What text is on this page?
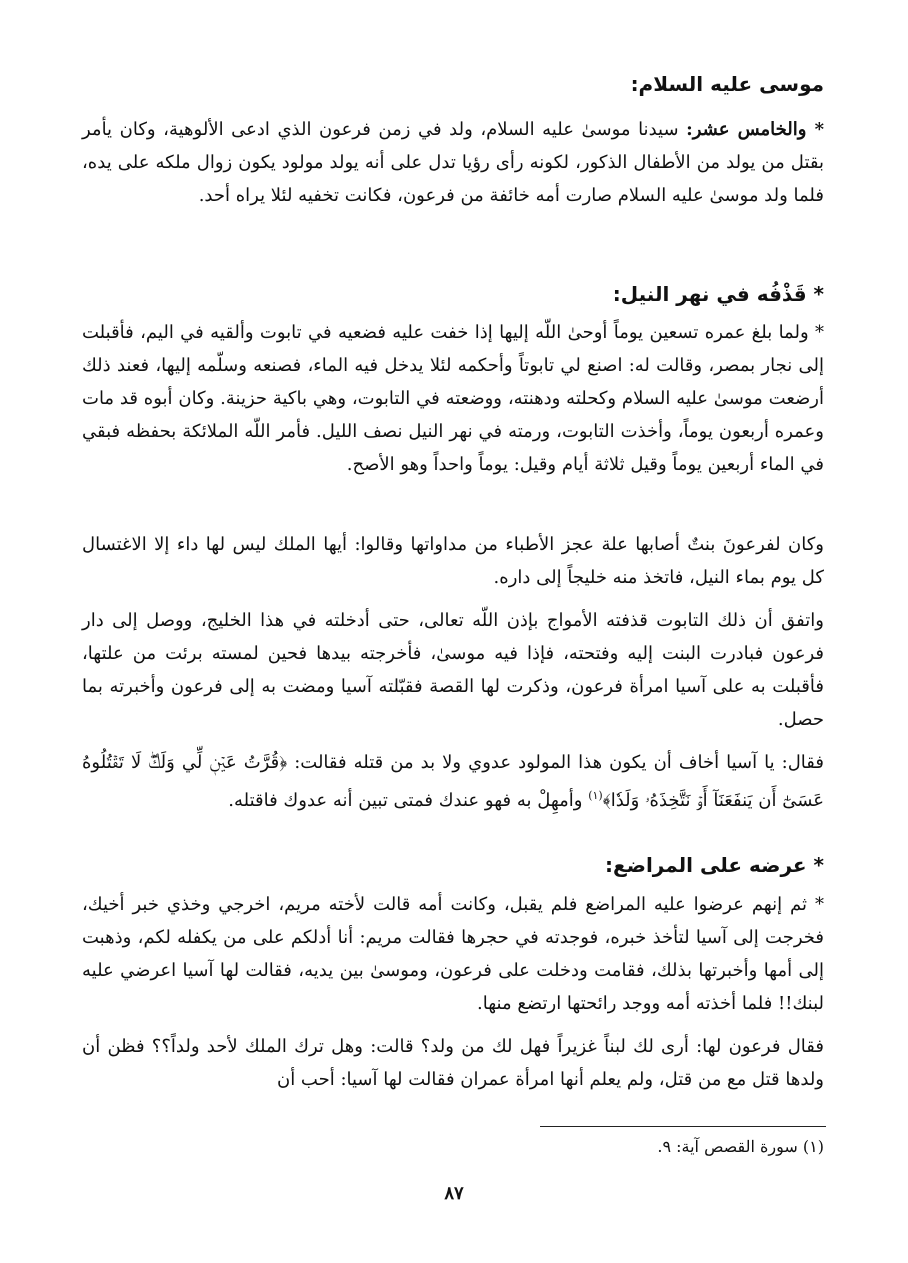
موسى عليه السلام:

* والخامس عشر: سيدنا موسىٰ عليه السلام، ولد في زمن فرعون الذي ادعى الألوهية، وكان يأمر بقتل من يولد من الأطفال الذكور، لكونه رأى رؤيا تدل على أنه يولد مولود يكون زوال ملكه على يده، فلما ولد موسىٰ عليه السلام صارت أمه خائفة من فرعون، فكانت تخفيه لئلا يراه أحد.

* قَذْفُه في نهر النيل:

* ولما بلغ عمره تسعين يوماً أوحىٰ اللّه إليها إذا خفت عليه فضعيه في تابوت وألقيه في اليم، فأقبلت إلى نجار بمصر، وقالت له: اصنع لي تابوتاً وأحكمه لئلا يدخل فيه الماء، فصنعه وسلّمه إليها، فعند ذلك أرضعت موسىٰ عليه السلام وكحلته ودهنته، ووضعته في التابوت، وهي باكية حزينة. وكان أبوه قد مات وعمره أربعون يوماً، وأخذت التابوت، ورمته في نهر النيل نصف الليل. فأمر اللّه الملائكة بحفظه فبقي في الماء أربعين يوماً وقيل ثلاثة أيام وقيل: يوماً واحداً وهو الأصح.

وكان لفرعونَ بنتٌ أصابها علة عجز الأطباء من مداواتها وقالوا: أيها الملك ليس لها داء إلا الاغتسال كل يوم بماء النيل، فاتخذ منه خليجاً إلى داره.

واتفق أن ذلك التابوت قذفته الأمواج بإذن اللّه تعالى، حتى أدخلته في هذا الخليج، ووصل إلى دار فرعون فبادرت البنت إليه وفتحته، فإذا فيه موسىٰ، فأخرجته بيدها فحين لمسته برئت من علتها، فأقبلت به على آسيا امرأة فرعون، وذكرت لها القصة فقبّلته آسيا ومضت به إلى فرعون وأخبرته بما حصل.

فقال: يا آسيا أخاف أن يكون هذا المولود عدوي ولا بد من قتله فقالت: ﴿قُرَّتُ عَيۡنٖ لِّي وَلَكَۖ لَا تَقۡتُلُوهُ عَسَىٰٓ أَن يَنفَعَنَآ أَوۡ نَتَّخِذَهُۥ وَلَدٗا﴾$^{(١)}$ وأمهِلْ به فهو عندك فمتى تبين أنه عدوك فاقتله.

* عرضه على المراضع:

* ثم إنهم عرضوا عليه المراضع فلم يقبل، وكانت أمه قالت لأخته مريم، اخرجي وخذي خبر أخيك، فخرجت إلى آسيا لتأخذ خبره، فوجدته في حجرها فقالت مريم: أنا أدلكم على من يكفله لكم، وذهبت إلى أمها وأخبرتها بذلك، فقامت ودخلت على فرعون، وموسىٰ بين يديه، فقالت لها آسيا اعرضي عليه لبنك!! فلما أخذته أمه ووجد رائحتها ارتضع منها.

فقال فرعون لها: أرى لك لبناً غزيراً فهل لك من ولد؟ قالت: وهل ترك الملك لأحد ولداً؟؟ فظن أن ولدها قتل مع من قتل، ولم يعلم أنها امرأة عمران فقالت لها آسيا: أحب أن

(١) سورة القصص آية: ٩.
٨٧
